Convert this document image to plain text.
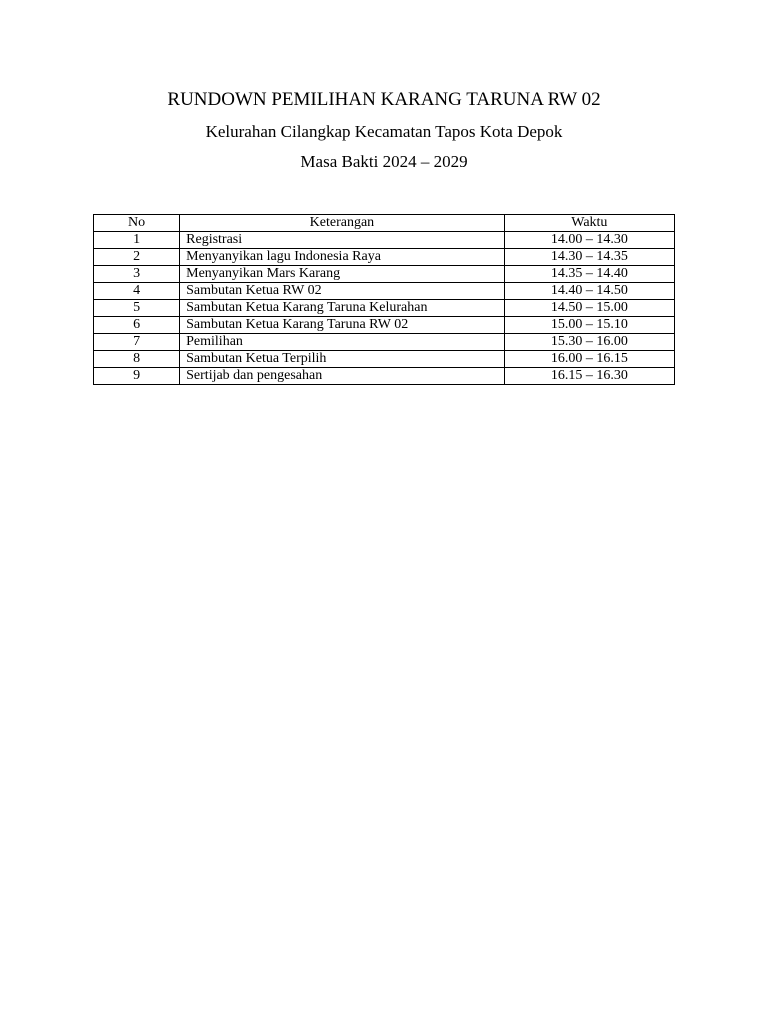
RUNDOWN PEMILIHAN KARANG TARUNA RW 02
Kelurahan Cilangkap Kecamatan Tapos Kota Depok
Masa Bakti 2024 – 2029
No	Keterangan	Waktu
1	Registrasi	14.00 – 14.30
2	Menyanyikan lagu Indonesia Raya	14.30 – 14.35
3	Menyanyikan Mars Karang	14.35 – 14.40
4	Sambutan Ketua RW 02	14.40 – 14.50
5	Sambutan Ketua Karang Taruna Kelurahan	14.50 – 15.00
6	Sambutan Ketua Karang Taruna RW 02	15.00 – 15.10
7	Pemilihan	15.30 – 16.00
8	Sambutan Ketua Terpilih	16.00 – 16.15
9	Sertijab dan pengesahan	16.15 – 16.30
